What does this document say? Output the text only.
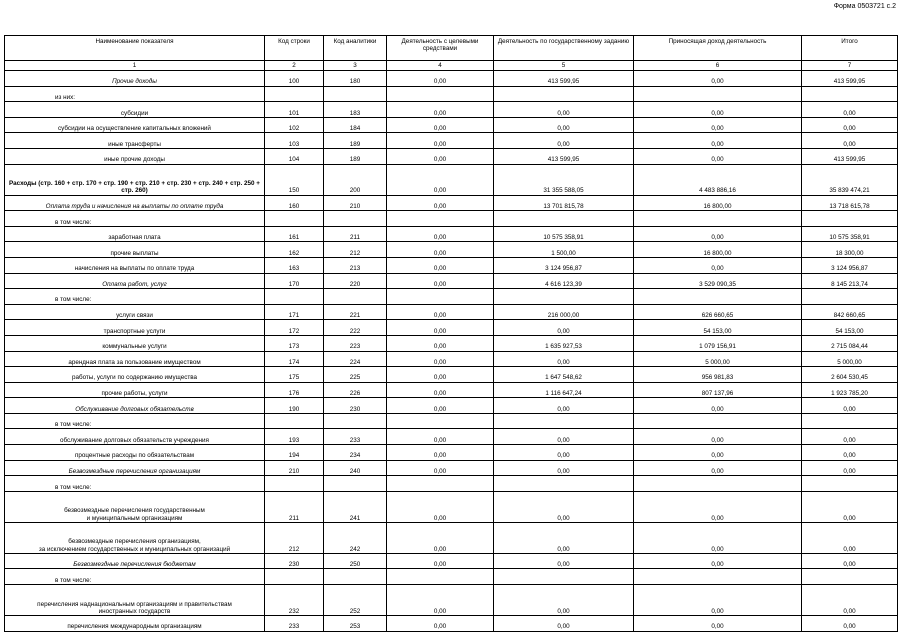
Форма 0503721 с.2
Наименование показателя	Код строки	Код аналитики	Деятельность с целевыми средствами	Деятельность по государственному заданию	Приносящая доход деятельность	Итого
1	2	3	4	5	6	7
Прочие доходы	100	180	0,00	413 599,95	0,00	413 599,95
из них:						
субсидии	101	183	0,00	0,00	0,00	0,00
субсидии на осуществление капитальных вложений	102	184	0,00	0,00	0,00	0,00
иные трансферты	103	189	0,00	0,00	0,00	0,00
иные прочие доходы	104	189	0,00	413 599,95	0,00	413 599,95
Расходы (стр. 160 + стр. 170 + стр. 190 + стр. 210 + стр. 230 + стр. 240 + стр. 250 + стр. 260)	150	200	0,00	31 355 588,05	4 483 886,16	35 839 474,21
Оплата труда и начисления на выплаты по оплате труда	160	210	0,00	13 701 815,78	16 800,00	13 718 615,78
в том числе:						
заработная плата	161	211	0,00	10 575 358,91	0,00	10 575 358,91
прочие выплаты	162	212	0,00	1 500,00	16 800,00	18 300,00
начисления на выплаты по оплате труда	163	213	0,00	3 124 956,87	0,00	3 124 956,87
Оплата работ, услуг	170	220	0,00	4 616 123,39	3 529 090,35	8 145 213,74
в том числе:						
услуги связи	171	221	0,00	216 000,00	626 660,65	842 660,65
транспортные услуги	172	222	0,00	0,00	54 153,00	54 153,00
коммунальные услуги	173	223	0,00	1 635 927,53	1 079 156,91	2 715 084,44
арендная плата за пользование имуществом	174	224	0,00	0,00	5 000,00	5 000,00
работы, услуги по содержанию имущества	175	225	0,00	1 647 548,62	956 981,83	2 604 530,45
прочие работы, услуги	176	226	0,00	1 116 647,24	807 137,96	1 923 785,20
Обслуживание долговых обязательств	190	230	0,00	0,00	0,00	0,00
в том числе:						
обслуживание долговых обязательств учреждения	193	233	0,00	0,00	0,00	0,00
процентные расходы по обязательствам	194	234	0,00	0,00	0,00	0,00
Безвозмездные перечисления организациям	210	240	0,00	0,00	0,00	0,00
в том числе:						
безвозмездные перечисления государственным
и муниципальным организациям	211	241	0,00	0,00	0,00	0,00
безвозмездные перечисления организациям,
за исключением государственных и муниципальных организаций	212	242	0,00	0,00	0,00	0,00
Безвозмездные перечисления бюджетам	230	250	0,00	0,00	0,00	0,00
в том числе:						
перечисления наднациональным организациям и правительствам
иностранных государств	232	252	0,00	0,00	0,00	0,00
перечисления международным организациям	233	253	0,00	0,00	0,00	0,00
